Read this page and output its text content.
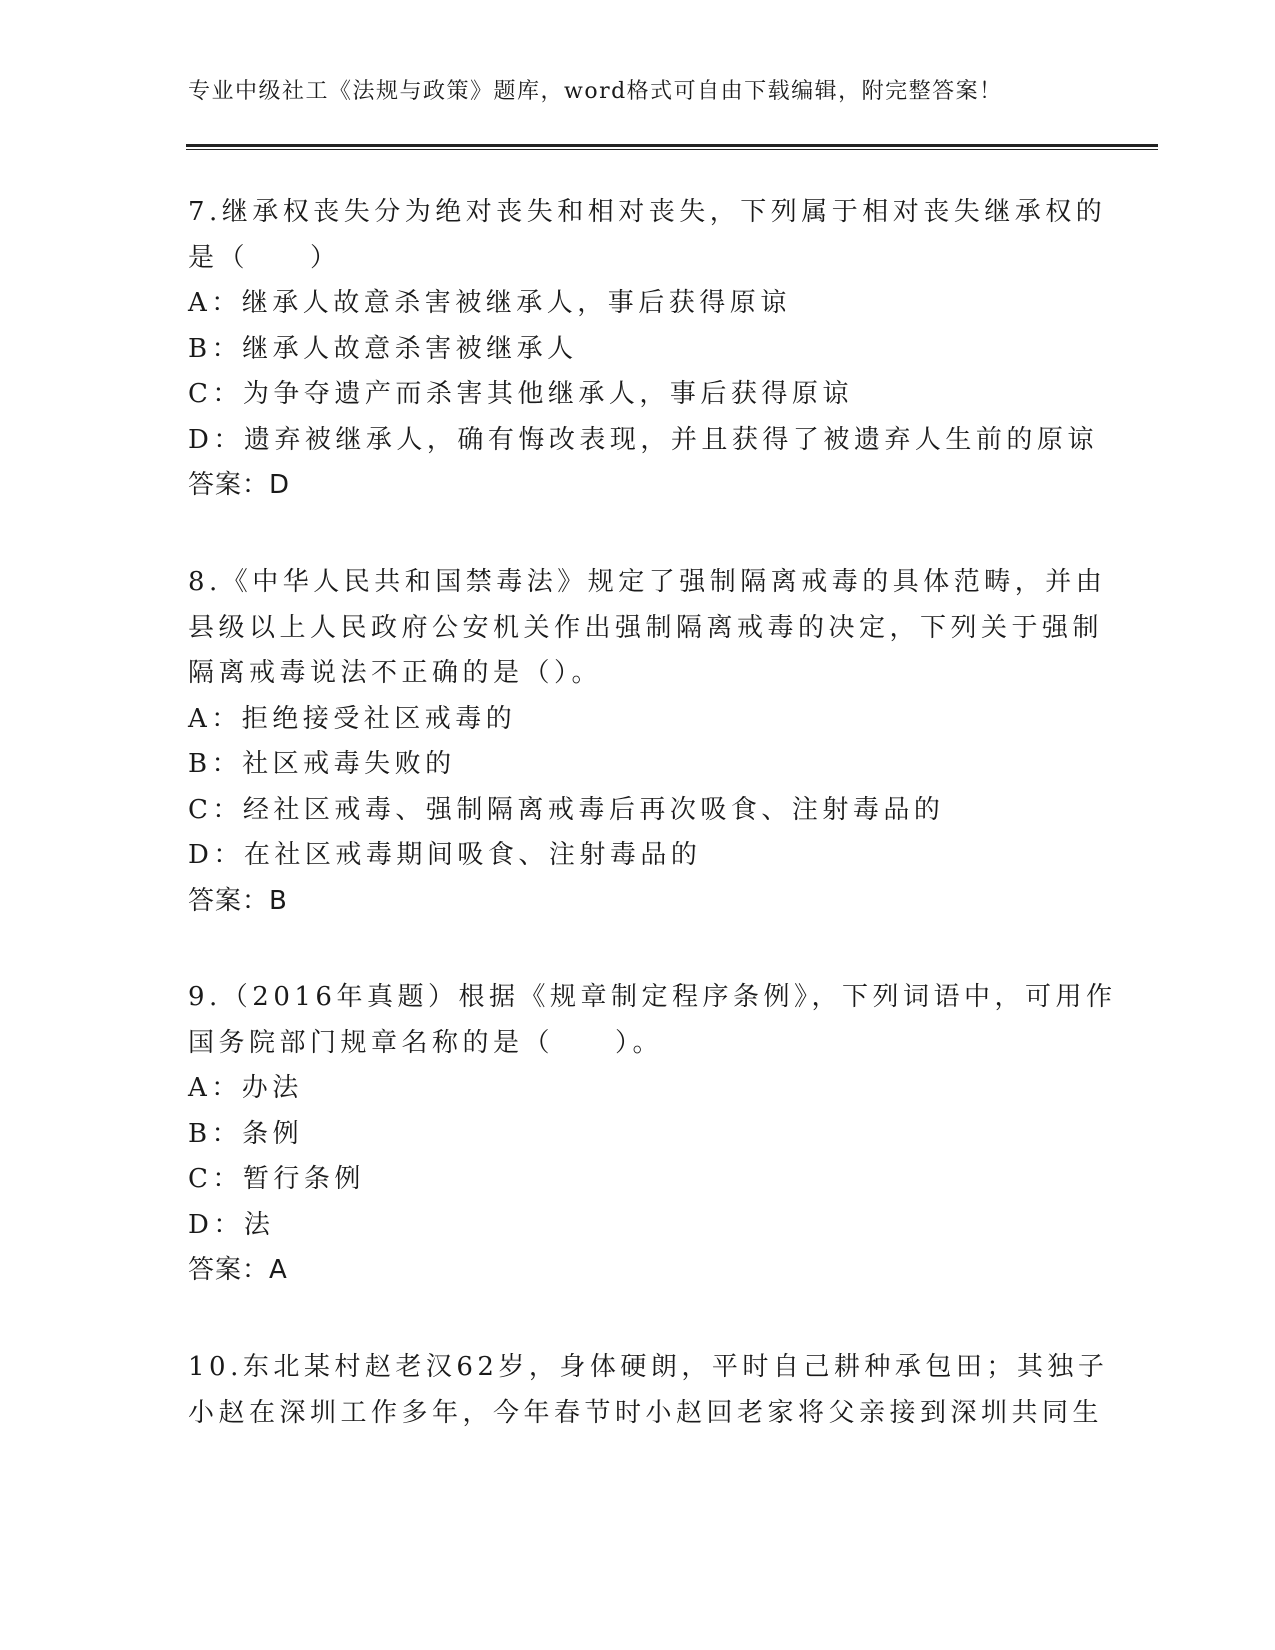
专业中级社工《法规与政策》题库，word格式可自由下载编辑，附完整答案！
7.继承权丧失分为绝对丧失和相对丧失，下列属于相对丧失继承权的
是（　　）
A：继承人故意杀害被继承人，事后获得原谅
B：继承人故意杀害被继承人
C：为争夺遗产而杀害其他继承人，事后获得原谅
D：遗弃被继承人，确有悔改表现，并且获得了被遗弃人生前的原谅
答案：D
8.《中华人民共和国禁毒法》规定了强制隔离戒毒的具体范畴，并由
县级以上人民政府公安机关作出强制隔离戒毒的决定，下列关于强制
隔离戒毒说法不正确的是（）。
A：拒绝接受社区戒毒的
B：社区戒毒失败的
C：经社区戒毒、强制隔离戒毒后再次吸食、注射毒品的
D：在社区戒毒期间吸食、注射毒品的
答案：B
9.（2016年真题）根据《规章制定程序条例》，下列词语中，可用作
国务院部门规章名称的是（　　）。
A：办法
B：条例
C：暂行条例
D：法
答案：A
10.东北某村赵老汉62岁，身体硬朗，平时自己耕种承包田；其独子
小赵在深圳工作多年，今年春节时小赵回老家将父亲接到深圳共同生
